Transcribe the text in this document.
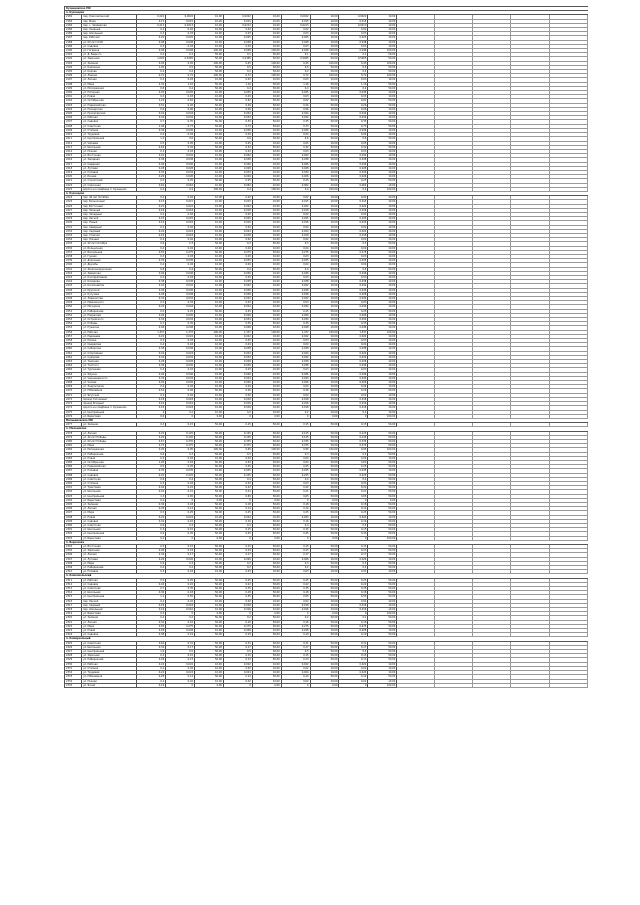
Кузнецовское МО															
п. Кузнецово															
2182	пер. Комсомольский	0,222	0,0022	10,00	0,0022	10,00	0,0022	10,00	0,0022	10,00					
2183	пер. Мира	0,15	0,015	10,00	0,015	10,00	0,015	10,00	0,015	10,00					
2184	пер. с. Чапаевская	0,213	0,0213	10,00	0,0213	10,00	0,0213	10,00	0,0213	10,00					
2185	пер. Озерный	0,2	0,02	10,00	0,02	10,00	0,02	10,00	0,02	10,00					
2186	пер. Школьный	0,3	0,03	10,00	0,03	10,00	0,03	10,00	0,03	10,00					
2187	пер. Рабочий	0,25	0,025	10,00	0,025	10,00	0,025	10,00	0,025	10,00					
2188	ул. 60 лет СССР	0,48	0,048	10,00	0,048	10,00	0,048	10,00	0,048	10,00					
2189	ул. Садовая	0,3	0,03	10,00	0,03	10,00	0,03	10,00	0,03	10,00					
2190	ул. Гагарина	0,48	0,048	100,00	0,048	100,00	0,048	100,00	0,048	100,00					
2191	ул. Д. Бедного	0,2	0,1	50,00	0,1	50,00	0,1	50,00	0,1	50,00					
2192	ул. Заречная	1,093	0,5465	50,00	0,5465	50,00	0,5465	50,00	0,5465	50,00					
2193	ул. Зеленая	0,45	0,45	100,00	0,45	100,00	0,45	100,00	0,45	100,00					
2194	ул. Калинина	1,00	0,5	50,00	0,5	50,00	0,5	50,00	0,5	50,00					
2195	ул. Кирова	0,4	0,2	50,00	0,2	50,00	0,2	50,00	0,2	50,00					
2196	ул. Ленина	0,72	0,72	100,00	0,72	100,00	0,72	100,00	0,72	100,00					
2197	ул. Лесная	0,3	0,03	10,00	0,03	10,00	0,03	10,00	0,03	10,00					
2198	ул. Мира	2,32	1,16	50,00	1,16	50,00	1,16	50,00	1,16	50,00					
2199	ул. Молодежная	0,8	0,4	50,00	0,4	50,00	0,4	50,00	0,4	50,00					
2200	ул. Нагорная	0,45	0,045	10,00	0,045	10,00	0,045	10,00	0,045	10,00					
2201	ул. Новая	0,3	0,03	10,00	0,03	10,00	0,03	10,00	0,03	10,00					
2202	ул. Октябрьская	1,24	0,62	50,00	0,62	50,00	0,62	50,00	0,62	50,00					
2203	ул. Первомайская	0,52	0,26	50,00	0,26	50,00	0,26	50,00	0,26	50,00					
2204	ул. Пионерская	0,6	0,06	10,00	0,06	10,00	0,06	10,00	0,06	10,00					
2205	ул. Пролетарская	0,44	0,044	10,00	0,044	10,00	0,044	10,00	0,044	10,00					
2206	ул. Рабочая	0,32	0,032	10,00	0,032	10,00	0,032	10,00	0,032	10,00					
2207	ул. Садовая	0,7	0,35	50,00	0,35	50,00	0,35	50,00	0,35	50,00					
2208	ул. Советская	1,46	0,73	50,00	0,73	50,00	0,73	50,00	0,73	50,00					
2209	ул. Степная	0,36	0,036	10,00	0,036	10,00	0,036	10,00	0,036	10,00					
2210	ул. Трудовая	0,4	0,04	10,00	0,04	10,00	0,04	10,00	0,04	10,00					
2211	ул. Центральная	1,2	0,6	50,00	0,6	50,00	0,6	50,00	0,6	50,00					
2212	ул. Чапаева	0,5	0,05	10,00	0,05	10,00	0,05	10,00	0,05	10,00					
2213	ул. Школьная	0,64	0,32	50,00	0,32	50,00	0,32	50,00	0,32	50,00					
2214	ул. Южная	0,3	0,03	10,00	0,03	10,00	0,03	10,00	0,03	10,00					
2215	ул. Восточная	0,42	0,042	10,00	0,042	10,00	0,042	10,00	0,042	10,00					
2216	ул. Западная	0,38	0,038	10,00	0,038	10,00	0,038	10,00	0,038	10,00					
2217	ул. Северная	0,46	0,046	10,00	0,046	10,00	0,046	10,00	0,046	10,00					
2218	ул. Луговая	0,28	0,028	10,00	0,028	10,00	0,028	10,00	0,028	10,00					
2219	ул. Полевая	0,34	0,034	10,00	0,034	10,00	0,034	10,00	0,034	10,00					
2220	ул. Речная	0,26	0,026	10,00	0,026	10,00	0,026	10,00	0,026	10,00					
2221	ул. Строителей	0,5	0,25	50,00	0,25	50,00	0,25	50,00	0,25	50,00					
2222	ул. Совхозная	0,62	0,062	10,00	0,062	10,00	0,062	10,00	0,062	10,00					
2223	дорога на кладбище п. Кузнецово	0,4	0,4	100,00	0,4	100,00	0,4	100,00	0,4	100,00					
п. Кузнецово															
2224	пер. 40 лет Октября	0,2	0,02	10,00	0,02	10,00	0,02	10,00	0,02	10,00					
2225	пер. Больничный	0,15	0,015	10,00	0,015	10,00	0,015	10,00	0,015	10,00					
2226	пер. Восточный	0,22	0,022	10,00	0,022	10,00	0,022	10,00	0,022	10,00					
2227	пер. Зеленый	0,18	0,018	10,00	0,018	10,00	0,018	10,00	0,018	10,00					
2228	пер. Западный	0,2	0,02	10,00	0,02	10,00	0,02	10,00	0,02	10,00					
2229	пер. Лесной	0,25	0,025	10,00	0,025	10,00	0,025	10,00	0,025	10,00					
2230	пер. Новый	0,16	0,016	10,00	0,016	10,00	0,016	10,00	0,016	10,00					
2231	пер. Северный	0,2	0,02	10,00	0,02	10,00	0,02	10,00	0,02	10,00					
2232	пер. Садовый	0,24	0,024	10,00	0,024	10,00	0,024	10,00	0,024	10,00					
2233	пер. Степной	0,18	0,018	10,00	0,018	10,00	0,018	10,00	0,018	10,00					
2234	пер. Южный	0,2	0,02	10,00	0,02	10,00	0,02	10,00	0,02	10,00					
2235	ул. 40 лет Октября	0,6	0,3	50,00	0,3	50,00	0,3	50,00	0,3	50,00					
2236	ул. Больничная	0,4	0,04	10,00	0,04	10,00	0,04	10,00	0,04	10,00					
2237	ул. Вокзальная	0,55	0,275	50,00	0,275	50,00	0,275	50,00	0,275	50,00					
2238	ул. Горная	0,3	0,03	10,00	0,03	10,00	0,03	10,00	0,03	10,00					
2239	ул. Дорожная	0,35	0,035	10,00	0,035	10,00	0,035	10,00	0,035	10,00					
2240	ул. Дружбы	0,4	0,04	10,00	0,04	10,00	0,04	10,00	0,04	10,00					
2241	ул. Железнодорожная	0,8	0,4	50,00	0,4	50,00	0,4	50,00	0,4	50,00					
2242	ул. Заводская	0,46	0,046	10,00	0,046	10,00	0,046	10,00	0,046	10,00					
2243	ул. Кооперативная	0,3	0,03	10,00	0,03	10,00	0,03	10,00	0,03	10,00					
2244	ул. Комарова	0,38	0,038	10,00	0,038	10,00	0,038	10,00	0,038	10,00					
2245	ул. Космонавтов	0,42	0,042	10,00	0,042	10,00	0,042	10,00	0,042	10,00					
2246	ул. Крупской	0,36	0,036	10,00	0,036	10,00	0,036	10,00	0,036	10,00					
2247	ул. Кутузова	0,28	0,028	10,00	0,028	10,00	0,028	10,00	0,028	10,00					
2248	ул. Лермонтова	0,32	0,032	10,00	0,032	10,00	0,032	10,00	0,032	10,00					
2249	ул. Маяковского	0,3	0,03	10,00	0,03	10,00	0,03	10,00	0,03	10,00					
2250	ул. Мичурина	0,44	0,044	10,00	0,044	10,00	0,044	10,00	0,044	10,00					
2251	ул. Набережная	0,5	0,25	50,00	0,25	50,00	0,25	50,00	0,25	50,00					
2252	ул. Некрасова	0,26	0,026	10,00	0,026	10,00	0,026	10,00	0,026	10,00					
2253	ул. Островского	0,34	0,034	10,00	0,034	10,00	0,034	10,00	0,034	10,00					
2254	ул. Победы	0,7	0,35	50,00	0,35	50,00	0,35	50,00	0,35	50,00					
2255	ул. Пушкина	0,48	0,048	10,00	0,048	10,00	0,048	10,00	0,048	10,00					
2256	ул. Рабочая	1,337	1,337	100,00	1,337	100,00	1,337	100,00	1,337	100,00					
2257	ул. Радищева	0,22	0,022	10,00	0,022	10,00	0,022	10,00	0,022	10,00					
2258	ул. Разина	0,3	0,03	10,00	0,03	10,00	0,03	10,00	0,03	10,00					
2259	ул. Свердлова	0,4	0,04	10,00	0,04	10,00	0,04	10,00	0,04	10,00					
2260	ул. Сибирская	0,38	0,038	10,00	0,038	10,00	0,038	10,00	0,038	10,00					
2261	ул. Спортивная	0,24	0,024	10,00	0,024	10,00	0,024	10,00	0,024	10,00					
2262	ул. Суворова	0,32	0,032	10,00	0,032	10,00	0,032	10,00	0,032	10,00					
2263	ул. Таежная	0,28	0,028	10,00	0,028	10,00	0,028	10,00	0,028	10,00					
2264	ул. Толстого	0,36	0,036	10,00	0,036	10,00	0,036	10,00	0,036	10,00					
2265	ул. Тургенева	0,3	0,03	10,00	0,03	10,00	0,03	10,00	0,03	10,00					
2266	ул. Фрунзе	0,46	0,046	10,00	0,046	10,00	0,046	10,00	0,046	10,00					
2267	ул. Чернышевского	0,34	0,034	10,00	0,034	10,00	0,034	10,00	0,034	10,00					
2268	ул. Чехова	0,26	0,026	10,00	0,026	10,00	0,026	10,00	0,026	10,00					
2269	ул. Энергетиков	0,4	0,04	10,00	0,04	10,00	0,04	10,00	0,04	10,00					
2270	ул. Юбилейная	0,52	0,26	50,00	0,26	50,00	0,26	50,00	0,26	50,00					
2271	ул. Якутская	0,2	0,02	10,00	0,02	10,00	0,02	10,00	0,02	10,00					
2272	проезд Тополиный	0,18	0,018	10,00	0,018	10,00	0,018	10,00	0,018	10,00					
2273	проезд Ягодный	0,16	0,016	10,00	0,016	10,00	0,016	10,00	0,016	10,00					
2274	дорога на кладбище п. Кузнецово	0,18	0,018	10,00	0,018	10,00	0,018	10,00	0,018	10,00					
2275	ул. Центральная	2	0,2	10,00	0,2	10,00	0,2	10,00	0,2	10,00					
2276	ул. Береговая	0,6	0	0,00	0	0,00	0	0,00	0	100,00					
Мельниковское МО															
2277	ул. Зеленая	0,3	0,15	50,00	0,15	50,00	0,15	50,00	0,15	50,00					
п. Мельниково															
2278	ул. Лесная	0,25	0,125	50,00	0,125	50,00	0,125	50,00	0,125	50,00					
2279	ул. 40 лет Победы	0,29	0,145	50,00	0,145	50,00	0,145	50,00	0,145	50,00					
2280	ул. 60 лет Победы	0,67	0,335	50,00	0,335	50,00	0,335	50,00	0,335	50,00					
2281	ул. Мира	0,75	0,375	50,00	0,375	50,00	0,375	50,00	0,375	50,00					
2282	ул. Молодежная	0,95	0,95	100,00	0,95	100,00	0,95	100,00	0,95	100,00					
2283	ул. Набережная	0,6	0,3	50,00	0,3	50,00	0,3	50,00	0,3	50,00					
2284	ул. Новая	0,4	0,04	10,00	0,04	10,00	0,04	10,00	0,04	10,00					
2285	ул. Октябрьская	1,26	0,63	50,00	0,63	50,00	0,63	50,00	0,63	50,00					
2286	ул. Первомайская	0,5	0,25	50,00	0,25	50,00	0,25	50,00	0,25	50,00					
2287	ул. Полевая	0,35	0,035	10,00	0,035	10,00	0,035	10,00	0,035	10,00					
2288	ул. Садовая	0,45	0,225	50,00	0,225	50,00	0,225	50,00	0,225	50,00					
2289	ул. Советская	0,8	0,4	50,00	0,4	50,00	0,4	50,00	0,4	50,00					
2290	ул. Степная	0,3	0,03	10,00	0,03	10,00	0,03	10,00	0,03	10,00					
2291	ул. Трактовая	0,44	0,22	50,00	0,22	50,00	0,22	50,00	0,22	50,00					
2292	ул. Школьная	0,42	0,21	50,00	0,21	50,00	0,21	50,00	0,21	50,00					
2293	ул. Центральная	1,3	0,65	50,00	0,65	50,00	0,65	50,00	0,65	50,00					
2294	ул. Береговая	0,2	0	0,00	0	0,00	0	0,00	0	0,00					
2295	ул. Зеленая	0,36	0,18	50,00	0,18	50,00	0,18	50,00	0,18	50,00					
2296	ул. Лесная	0,28	0,14	50,00	0,14	50,00	0,14	50,00	0,14	50,00					
2297	ул. Мира	0,5	0,25	50,00	0,25	50,00	0,25	50,00	0,25	50,00					
2298	ул. Новая	0,24	0,024	10,00	0,024	10,00	0,024	10,00	0,024	10,00					
2299	ул. Садовая	0,32	0,16	50,00	0,16	50,00	0,16	50,00	0,16	50,00					
2300	ул. Советская	0,6	0,3	50,00	0,3	50,00	0,3	50,00	0,3	50,00					
2301	ул. Школьная	0,3	0,15	50,00	0,15	50,00	0,15	50,00	0,15	50,00					
2302	ул. Центральная	0,9	0,45	50,00	0,45	50,00	0,45	50,00	0,45	50,00					
2303	ул. Береговая	0,2	0	0,00	0	0,00	0	0,00	0	100,00					
п. Березовка															
2304	ул. Восточная	0,3	0,15	50,00	0,15	50,00	0,15	50,00	0,15	50,00					
2305	ул. Заречная	0,46	0,23	50,00	0,23	50,00	0,23	50,00	0,23	50,00					
2306	ул. Лесная	0,34	0,17	50,00	0,17	50,00	0,17	50,00	0,17	50,00					
2307	ул. Луговая	0,26	0,026	10,00	0,026	10,00	0,026	10,00	0,026	10,00					
2308	ул. Мира	0,6	0,3	50,00	0,3	50,00	0,3	50,00	0,3	50,00					
2309	ул. Набережная	0,4	0,2	50,00	0,2	50,00	0,2	50,00	0,2	50,00					
2310	ул. Полевая	0,3	0,03	10,00	0,03	10,00	0,03	10,00	0,03	10,00					
п. Комсомольский															
2311	ул. Рабочая	0,5	0,25	50,00	0,25	50,00	0,25	50,00	0,25	50,00					
2312	ул. Садовая	0,44	0,22	50,00	0,22	50,00	0,22	50,00	0,22	50,00					
2313	ул. Советская	0,7	0,35	50,00	0,35	50,00	0,35	50,00	0,35	50,00					
2314	ул. Школьная	0,36	0,18	50,00	0,18	50,00	0,18	50,00	0,18	50,00					
2315	ул. Центральная	1,1	0,55	50,00	0,55	50,00	0,55	50,00	0,55	50,00					
2316	пер. Лесной	0,2	0,02	10,00	0,02	10,00	0,02	10,00	0,02	10,00					
2317	пер. Садовый	0,18	0,018	10,00	0,018	10,00	0,018	10,00	0,018	10,00					
2318	пер. Школьный	0,16	0,016	10,00	0,016	10,00	0,016	10,00	0,016	10,00					
2319	ул. Береговая	0,3	0	0,00	0	0,00	0	0,00	0	100,00					
2320	ул. Зеленая	0,4	0,2	50,00	0,2	50,00	0,2	50,00	0,2	50,00					
2321	ул. Лесная	0,32	0,16	50,00	0,16	50,00	0,16	50,00	0,16	50,00					
2322	ул. Мира	0,55	0,275	50,00	0,275	50,00	0,275	50,00	0,275	50,00					
2323	ул. Новая	0,28	0,028	10,00	0,028	10,00	0,028	10,00	0,028	10,00					
2324	ул. Садовая	0,38	0,19	50,00	0,19	50,00	0,19	50,00	0,19	50,00					
п. Коммунальный															
2325	ул. Советская	0,62	0,31	50,00	0,31	50,00	0,31	50,00	0,31	50,00					
2326	ул. Школьная	0,34	0,17	50,00	0,17	50,00	0,17	50,00	0,17	50,00					
2327	ул. Центральная	1,0	0,5	50,00	0,5	50,00	0,5	50,00	0,5	50,00					
2328	ул. Заречная	0,3	0,15	50,00	0,15	50,00	0,15	50,00	0,15	50,00					
2329	ул. Набережная	0,26	0,13	50,00	0,13	50,00	0,13	50,00	0,13	50,00					
2330	ул. Рабочая	0,22	0,022	10,00	0,022	10,00	0,022	10,00	0,022	10,00					
2331	ул. Степная	0,2	0,02	10,00	0,02	10,00	0,02	10,00	0,02	10,00					
2332	ул. Трудовая	0,24	0,024	10,00	0,024	10,00	0,024	10,00	0,024	10,00					
2333	ул. Юбилейная	0,28	0,14	50,00	0,14	50,00	0,14	50,00	0,14	50,00					
2334	ул. Южная	0,2	0,02	10,00	0,02	10,00	0,02	10,00	0,02	10,00					
2335	ул. Ясная	0,16	0	0,00	0	0,00	0	0,00	0	100,00					
